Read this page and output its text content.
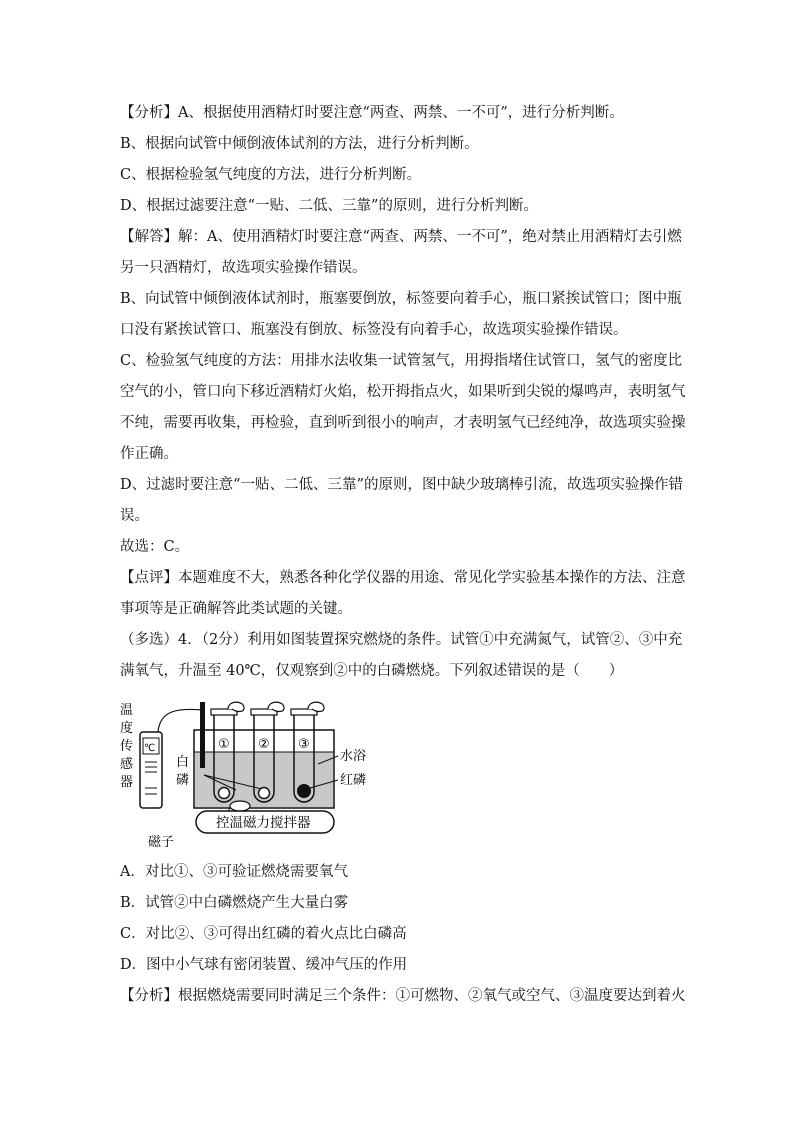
【分析】A、根据使用酒精灯时要注意“两查、两禁、一不可”，进行分析判断。
B、根据向试管中倾倒液体试剂的方法，进行分析判断。
C、根据检验氢气纯度的方法，进行分析判断。
D、根据过滤要注意“一贴、二低、三靠”的原则，进行分析判断。
【解答】解：A、使用酒精灯时要注意“两查、两禁、一不可”，绝对禁止用酒精灯去引燃
另一只酒精灯，故选项实验操作错误。
B、向试管中倾倒液体试剂时，瓶塞要倒放，标签要向着手心，瓶口紧挨试管口；图中瓶
口没有紧挨试管口、瓶塞没有倒放、标签没有向着手心，故选项实验操作错误。
C、检验氢气纯度的方法：用排水法收集一试管氢气，用拇指堵住试管口，氢气的密度比
空气的小，管口向下移近酒精灯火焰，松开拇指点火，如果听到尖锐的爆鸣声，表明氢气
不纯，需要再收集，再检验，直到听到很小的响声，才表明氢气已经纯净，故选项实验操
作正确。
D、过滤时要注意“一贴、二低、三靠”的原则，图中缺少玻璃棒引流，故选项实验操作错
误。
故选：C。
【点评】本题难度不大，熟悉各种化学仪器的用途、常见化学实验基本操作的方法、注意
事项等是正确解答此类试题的关键。
（多选）4．（2分）利用如图装置探究燃烧的条件。试管①中充满氮气，试管②、③中充
满氧气，升温至 40℃，仅观察到②中的白磷燃烧。下列叙述错误的是（　　）
温
度
传
感
器
℃
白
磷
① ② ③
水浴
红磷
控温磁力搅拌器
磁子
A．对比①、③可验证燃烧需要氧气
B．试管②中白磷燃烧产生大量白雾
C．对比②、③可得出红磷的着火点比白磷高
D．图中小气球有密闭装置、缓冲气压的作用
【分析】根据燃烧需要同时满足三个条件：①可燃物、②氧气或空气、③温度要达到着火
